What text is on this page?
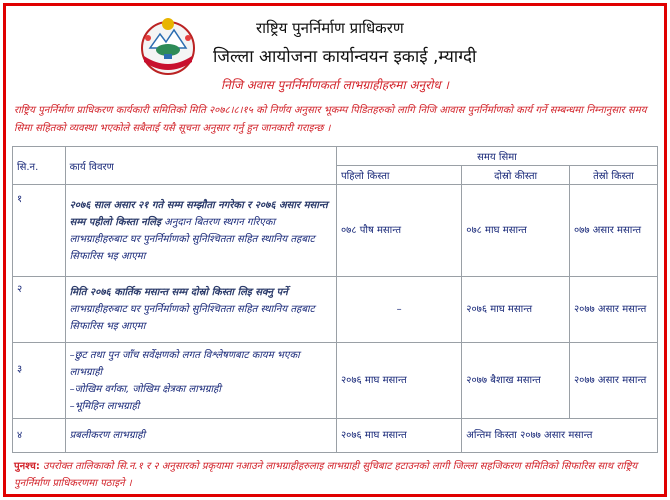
राष्ट्रिय पुनर्निर्माण प्राधिकरण
जिल्ला आयोजना कार्यान्वयन इकाई ,म्याग्दी
निजि अवास पुनर्निर्माणकर्ता लाभग्राहीहरुमा अनुरोध ।
राष्ट्रिय पुनर्निर्माण प्राधिकरण कार्यकारी समितिको मिति २०७८।८।१५ को निर्णय अनुसार भूकम्प पिडितहरुको लागि निजि आवास पुनर्निर्माणको कार्य गर्ने सम्बन्धमा निम्नानुसार समय सिमा सहितको व्यवस्था भएकोले सबैलाई यसै सूचना अनुसार गर्नु हुन जानकारी गराइन्छ ।
सि.न.	कार्य विवरण	समय सिमा		
		पहिलो किस्ता	दोस्रो कीस्ता	तेस्रो किस्ता
१	२०७६ साल असार २१ गते सम्म सम्झौता नगरेका र २०७६ असार मसान्त सम्म पहीलो किस्ता नलिइ अनुदान बितरण स्थगन गरिएका लाभग्राहीहरुबाट घर पुनर्निर्माणको सुनिश्चितता सहित स्थानिय तहबाट सिफारिस भइ आएमा	०७८ पौष मसान्त	०७८ माघ मसान्त	०७७ असार मसान्त
२	मिति २०७६ कार्तिक मसान्त सम्म दोस्रो किस्ता लिइ सक्नु पर्ने लाभग्राहीहरुबाट घर पुनर्निर्माणको सुनिश्चितता सहित स्थानिय तहबाट सिफारिस भइ आएमा	–	२०७६ माघ मसान्त	२०७७ असार मसान्त
३	–छुट तथा पुन जाँच सर्वेक्षणको लगत विश्लेषणबाट कायम भएका लाभग्राही
–जोखिम वर्गका, जोखिम क्षेत्रका लाभग्राही
–भूमिहिन लाभग्राही	२०७६ माघ मसान्त	२०७७ बैशाख मसान्त	२०७७ असार मसान्त
४	प्रबलीकरण लाभग्राही	२०७६ माघ मसान्त	अन्तिम किस्ता २०७७ असार मसान्त	
पुनश्च: उपरोक्त तालिकाको सि.न.१ र २ अनुसारको प्रकृयामा नआउने लाभग्राहीहरुलाइ लाभग्राही सुचिबाट हटाउनको लागी जिल्ला सहजिकरण समितिको सिफारिस साथ राष्ट्रिय पुनर्निर्माण प्राधिकरणमा पठाइने ।
